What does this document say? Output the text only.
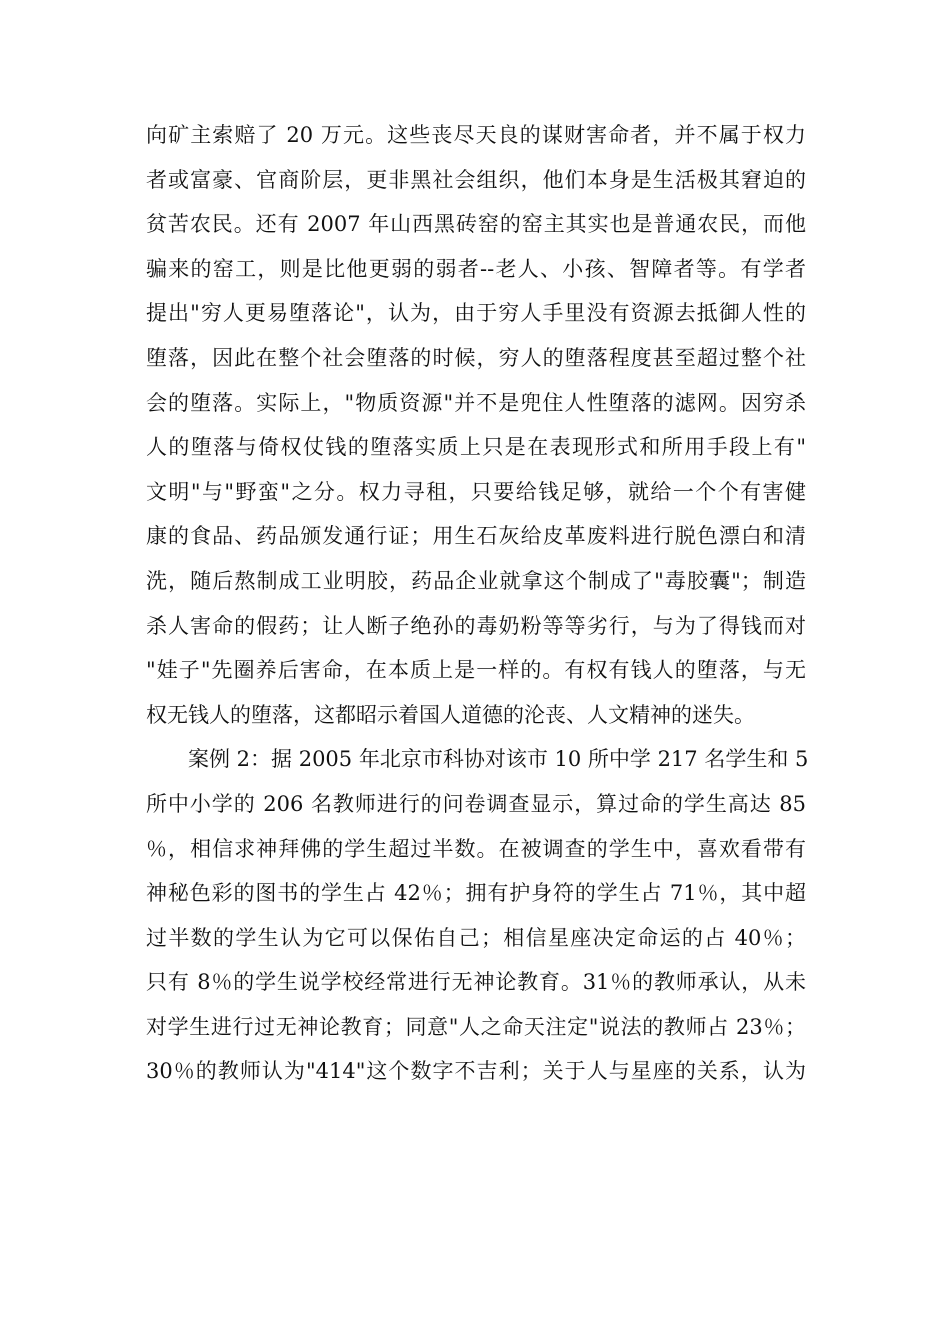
向矿主索赔了 20 万元。这些丧尽天良的谋财害命者，并不属于权力
者或富豪、官商阶层，更非黑社会组织，他们本身是生活极其窘迫的
贫苦农民。还有 2007 年山西黑砖窑的窑主其实也是普通农民，而他
骗来的窑工，则是比他更弱的弱者--老人、小孩、智障者等。有学者
提出"穷人更易堕落论"，认为，由于穷人手里没有资源去抵御人性的
堕落，因此在整个社会堕落的时候，穷人的堕落程度甚至超过整个社
会的堕落。实际上，"物质资源"并不是兜住人性堕落的滤网。因穷杀
人的堕落与倚权仗钱的堕落实质上只是在表现形式和所用手段上有"
文明"与"野蛮"之分。权力寻租，只要给钱足够，就给一个个有害健
康的食品、药品颁发通行证；用生石灰给皮革废料进行脱色漂白和清
洗，随后熬制成工业明胶，药品企业就拿这个制成了"毒胶囊"；制造
杀人害命的假药；让人断子绝孙的毒奶粉等等劣行，与为了得钱而对
"娃子"先圈养后害命，在本质上是一样的。有权有钱人的堕落，与无
权无钱人的堕落，这都昭示着国人道德的沦丧、人文精神的迷失。
案例 2：据 2005 年北京市科协对该市 10 所中学 217 名学生和 5
所中小学的 206 名教师进行的问卷调查显示，算过命的学生高达 85
％，相信求神拜佛的学生超过半数。在被调查的学生中，喜欢看带有
神秘色彩的图书的学生占 42％；拥有护身符的学生占 71％，其中超
过半数的学生认为它可以保佑自己；相信星座决定命运的占 40％；
只有 8％的学生说学校经常进行无神论教育。31％的教师承认，从未
对学生进行过无神论教育；同意"人之命天注定"说法的教师占 23％；
30％的教师认为"414"这个数字不吉利；关于人与星座的关系，认为
